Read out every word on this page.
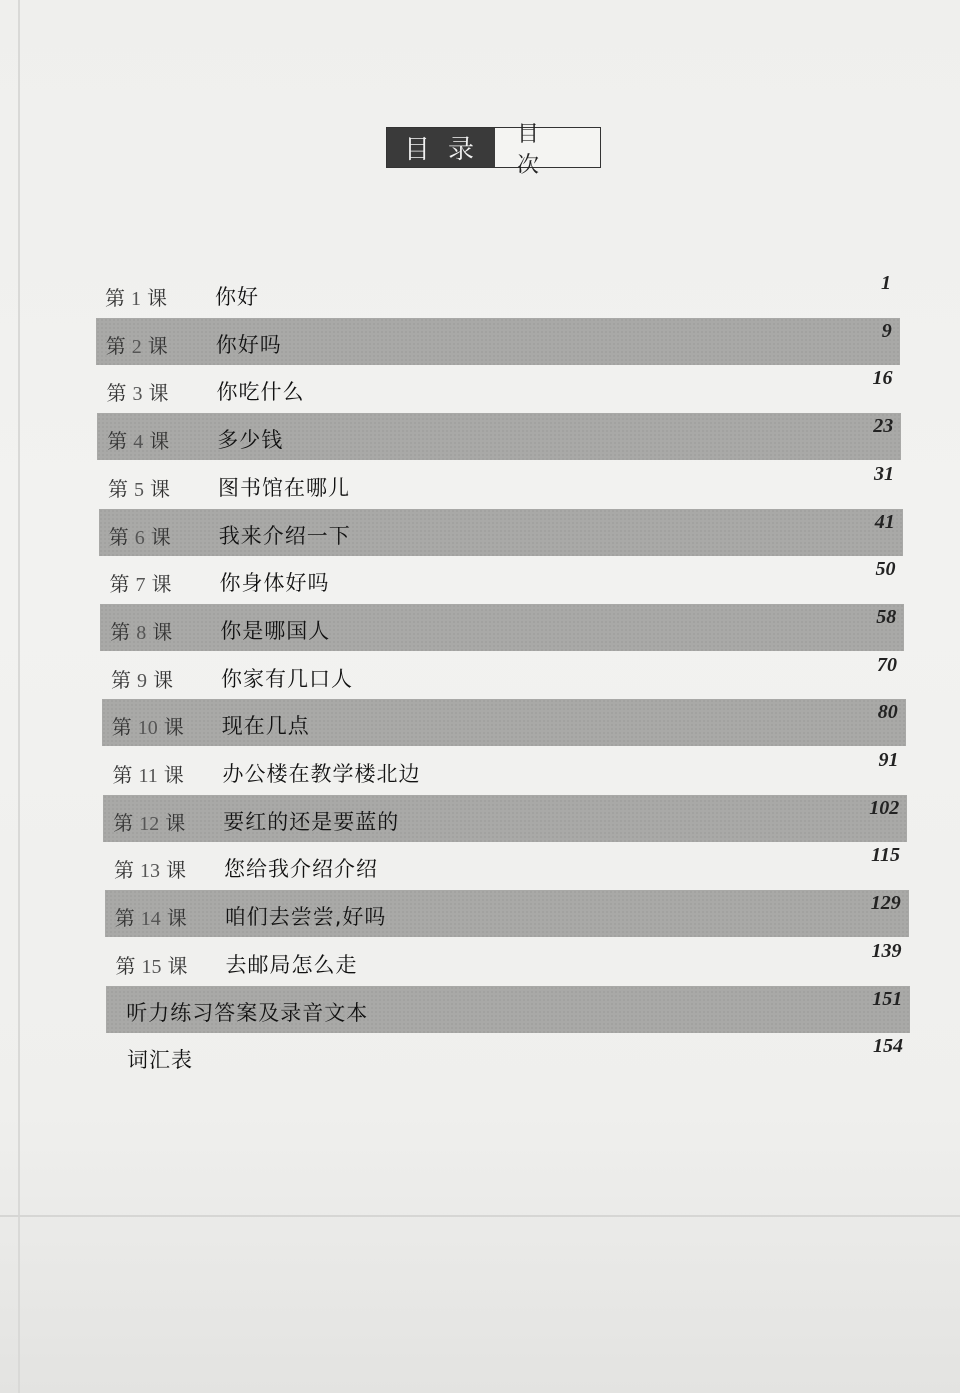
目录
目次
第 1 课 你好
1
第 2 课 你好吗
9
第 3 课 你吃什么
16
第 4 课 多少钱
23
第 5 课 图书馆在哪儿
31
第 6 课 我来介绍一下
41
第 7 课 你身体好吗
50
第 8 课 你是哪国人
58
第 9 课 你家有几口人
70
第 10 课 现在几点
80
第 11 课 办公楼在教学楼北边
91
第 12 课 要红的还是要蓝的
102
第 13 课 您给我介绍介绍
115
第 14 课 咱们去尝尝,好吗
129
第 15 课 去邮局怎么走
139
听力练习答案及录音文本
151
词汇表
154
